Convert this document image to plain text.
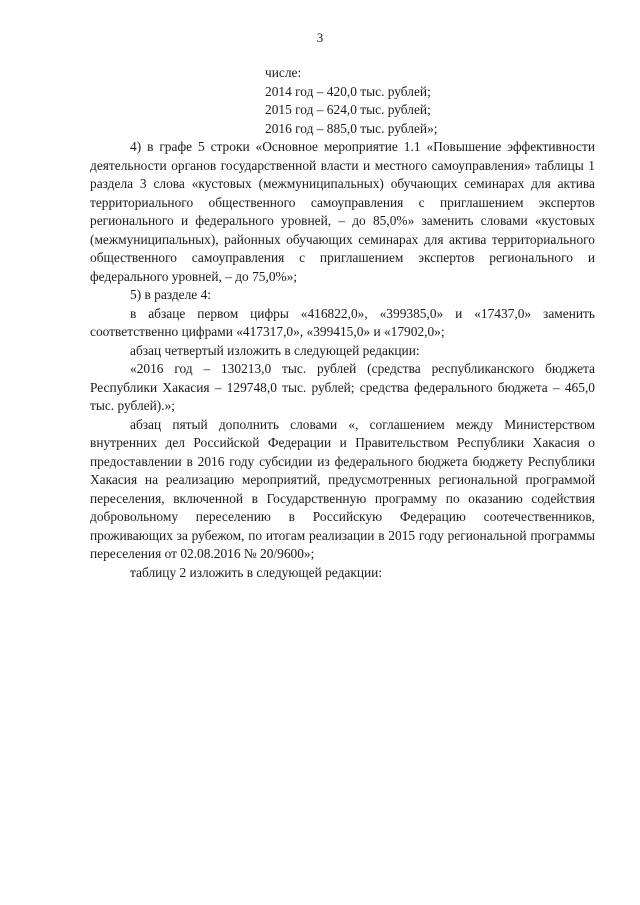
3
числе:
2014 год – 420,0 тыс. рублей;
2015 год – 624,0 тыс. рублей;
2016 год – 885,0 тыс. рублей»;

4) в графе 5 строки «Основное мероприятие 1.1 «Повышение эффективности деятельности органов государственной власти и местного самоуправления» таблицы 1 раздела 3 слова «кустовых (межмуниципальных) обучающих семинарах для актива территориального общественного самоуправления с приглашением экспертов регионального и федерального уровней, – до 85,0%» заменить словами «кустовых (межмуниципальных), районных обучающих семинарах для актива территориального общественного самоуправления с приглашением экспертов регионального и федерального уровней, – до 75,0%»;

5) в разделе 4:

в абзаце первом цифры «416822,0», «399385,0» и «17437,0» заменить соответственно цифрами «417317,0», «399415,0» и «17902,0»;

абзац четвертый изложить в следующей редакции:

«2016 год – 130213,0 тыс. рублей (средства республиканского бюджета Республики Хакасия – 129748,0 тыс. рублей; средства федерального бюджета – 465,0 тыс. рублей).»;

абзац пятый дополнить словами «, соглашением между Министерством внутренних дел Российской Федерации и Правительством Республики Хакасия о предоставлении в 2016 году субсидии из федерального бюджета бюджету Республики Хакасия на реализацию мероприятий, предусмотренных региональной программой переселения, включенной в Государственную программу по оказанию содействия добровольному переселению в Российскую Федерацию соотечественников, проживающих за рубежом, по итогам реализации в 2015 году региональной программы переселения от 02.08.2016 № 20/9600»;

таблицу 2 изложить в следующей редакции:
